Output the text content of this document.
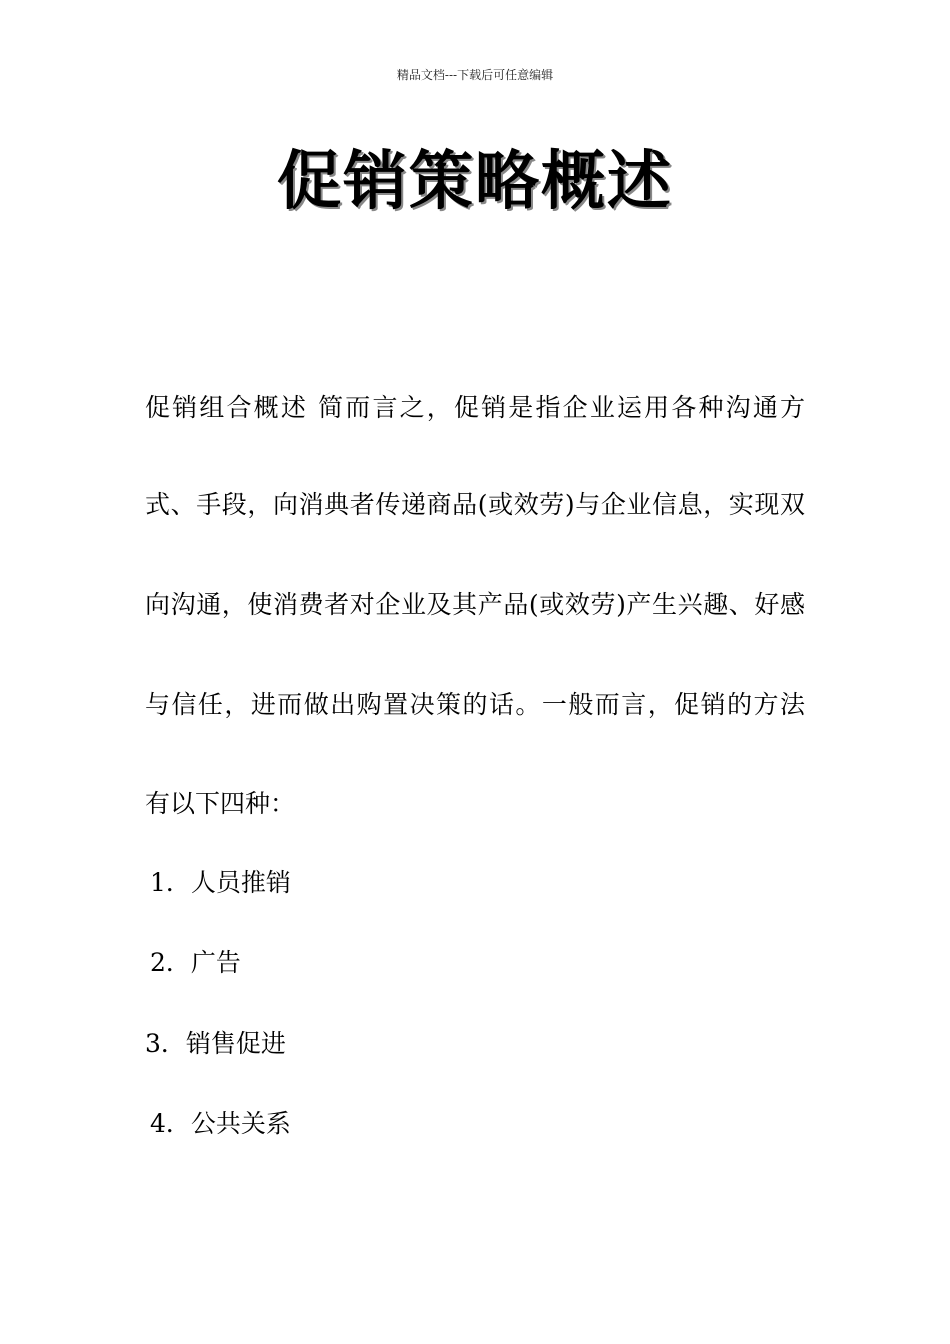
精品文档---下载后可任意编辑
促销策略概述
促销组合概述 简而言之，促销是指企业运用各种沟通方
式、手段，向消典者传递商品(或效劳)与企业信息，实现双
向沟通，使消费者对企业及其产品(或效劳)产生兴趣、好感
与信任，进而做出购置决策的话。一般而言，促销的方法
有以下四种：
1．人员推销
2．广告
3．销售促进
4．公共关系
